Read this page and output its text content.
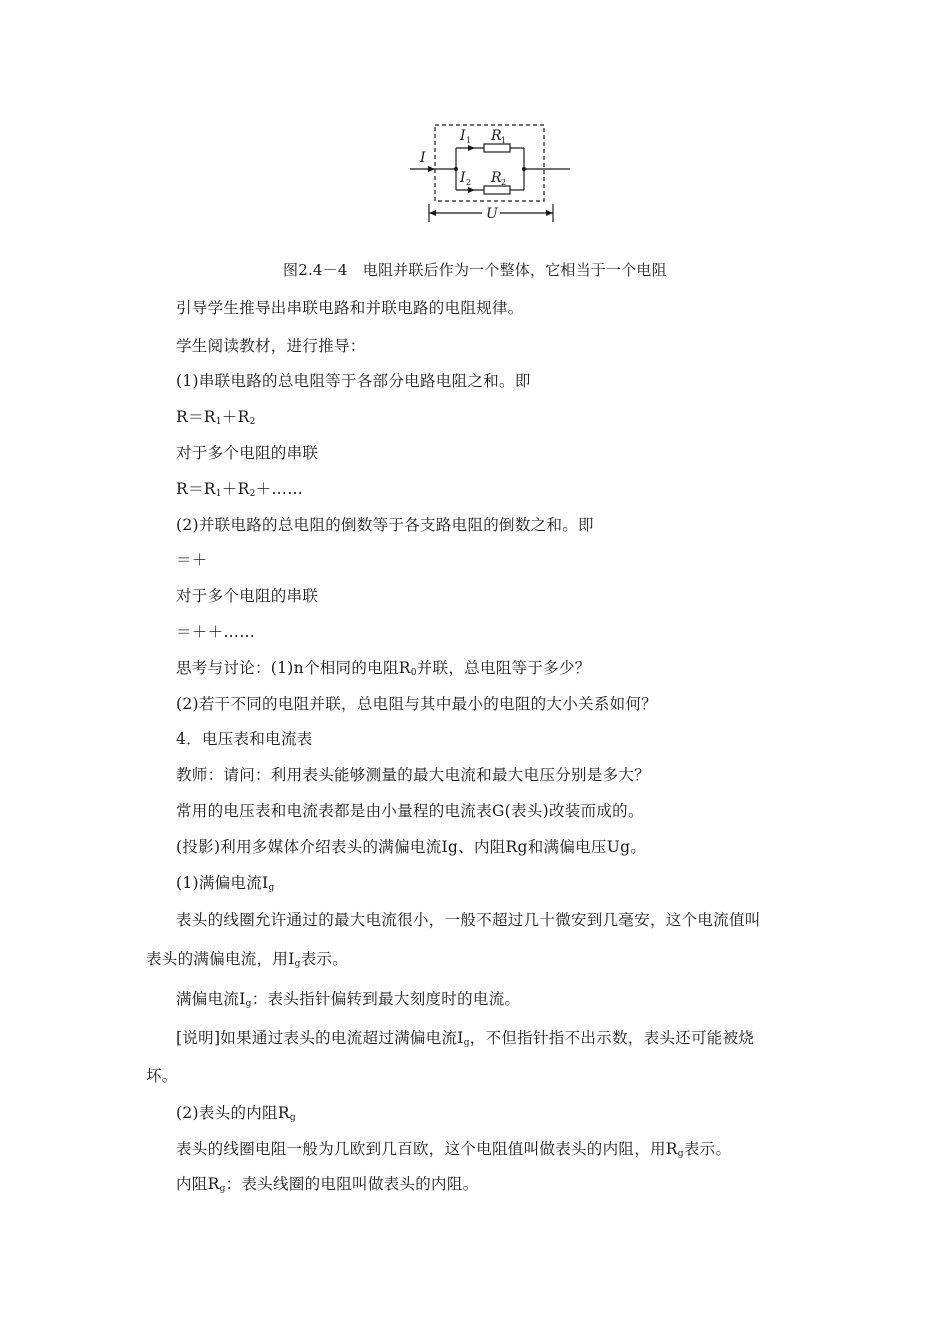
I
I 1 R 1
I 2 R 2
U
图2.4－4　电阻并联后作为一个整体，它相当于一个电阻
引导学生推导出串联电路和并联电路的电阻规律。
学生阅读教材，进行推导：
(1)串联电路的总电阻等于各部分电路电阻之和。即
$R=R_1+R_2$
对于多个电阻的串联
$R=R_1+R_2+\dots\dots$
(2)并联电路的总电阻的倒数等于各支路电阻的倒数之和。即
＝＋
对于多个电阻的串联
＝＋＋……
思考与讨论：(1)n个相同的电阻$R_0$并联，总电阻等于多少？
(2)若干不同的电阻并联，总电阻与其中最小的电阻的大小关系如何？
4．电压表和电流表
教师：请问：利用表头能够测量的最大电流和最大电压分别是多大？
常用的电压表和电流表都是由小量程的电流表G(表头)改装而成的。
(投影)利用多媒体介绍表头的满偏电流Ig、内阻Rg和满偏电压Ug。
(1)满偏电流$I_g$
表头的线圈允许通过的最大电流很小，一般不超过几十微安到几毫安，这个电流值叫
表头的满偏电流，用$I_g$表示。
满偏电流$I_g$：表头指针偏转到最大刻度时的电流。
[说明]如果通过表头的电流超过满偏电流$I_g$，不但指针指不出示数，表头还可能被烧
坏。
(2)表头的内阻$R_g$
表头的线圈电阻一般为几欧到几百欧，这个电阻值叫做表头的内阻，用$R_g$表示。
内阻$R_g$：表头线圈的电阻叫做表头的内阻。
